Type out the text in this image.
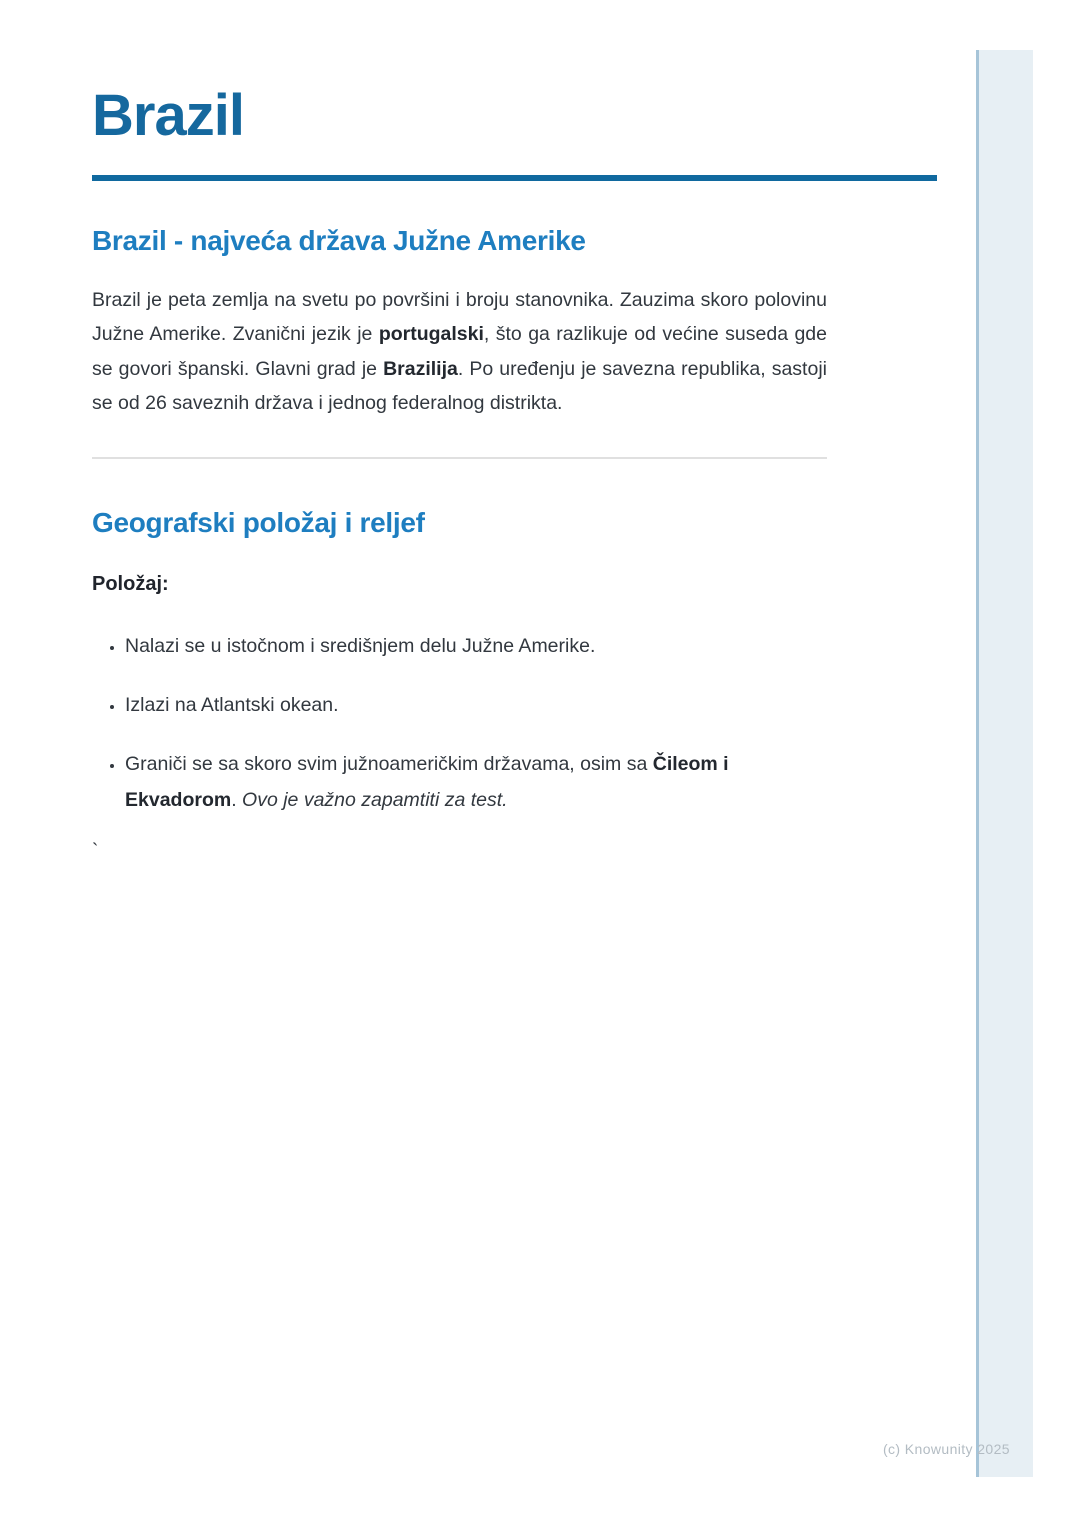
Brazil
Brazil - najveća država Južne Amerike

Brazil je peta zemlja na svetu po površini i broju stanovnika. Zauzima skoro polovinu Južne Amerike. Zvanični jezik je portugalski, što ga razlikuje od većine suseda gde se govori španski. Glavni grad je Brazilija. Po uređenju je savezna republika, sastoji se od 26 saveznih država i jednog federalnog distrikta.

Geografski položaj i reljef
Položaj:
• Nalazi se u istočnom i središnjem delu Južne Amerike.
• Izlazi na Atlantski okean.
• Graniči se sa skoro svim južnoameričkim državama, osim sa Čileom i Ekvadorom. Ovo je važno zapamtiti za test.
`
(c) Knowunity 2025
